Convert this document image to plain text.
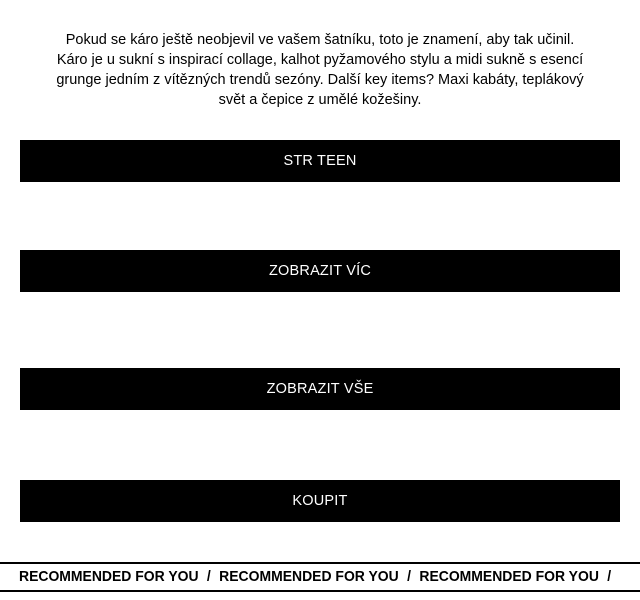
Pokud se káro ještě neobjevil ve vašem šatníku, toto je znamení, aby tak učinil.
Káro je u sukní s inspirací collage, kalhot pyžamového stylu a midi sukně s esencí
grunge jedním z vítězných trendů sezóny. Další key items? Maxi kabáty, teplákový
svět a čepice z umělé kožešiny.

STR TEEN
ZOBRAZIT VÍC
ZOBRAZIT VŠE
KOUPIT
RECOMMENDED FOR YOU / RECOMMENDED FOR YOU / RECOMMENDED FOR YOU /
